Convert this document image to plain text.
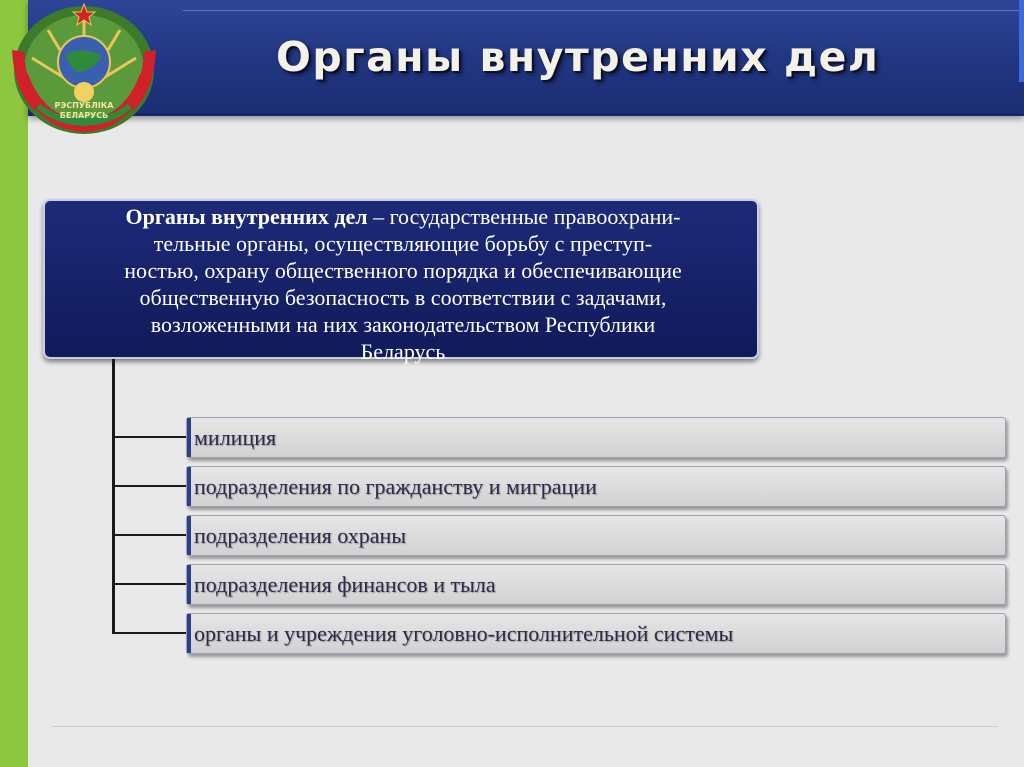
Органы внутренних дел
РЭСПУБЛІКА
БЕЛАРУСЬ
Органы внутренних дел – государственные правоохрани-
тельные органы, осуществляющие борьбу с преступ-
ностью, охрану общественного порядка и обеспечивающие
общественную безопасность в соответствии с задачами,
возложенными на них законодательством Республики
Беларусь
милиция
подразделения по гражданству и миграции
подразделения охраны
подразделения финансов и тыла
органы и учреждения уголовно-исполнительной системы
